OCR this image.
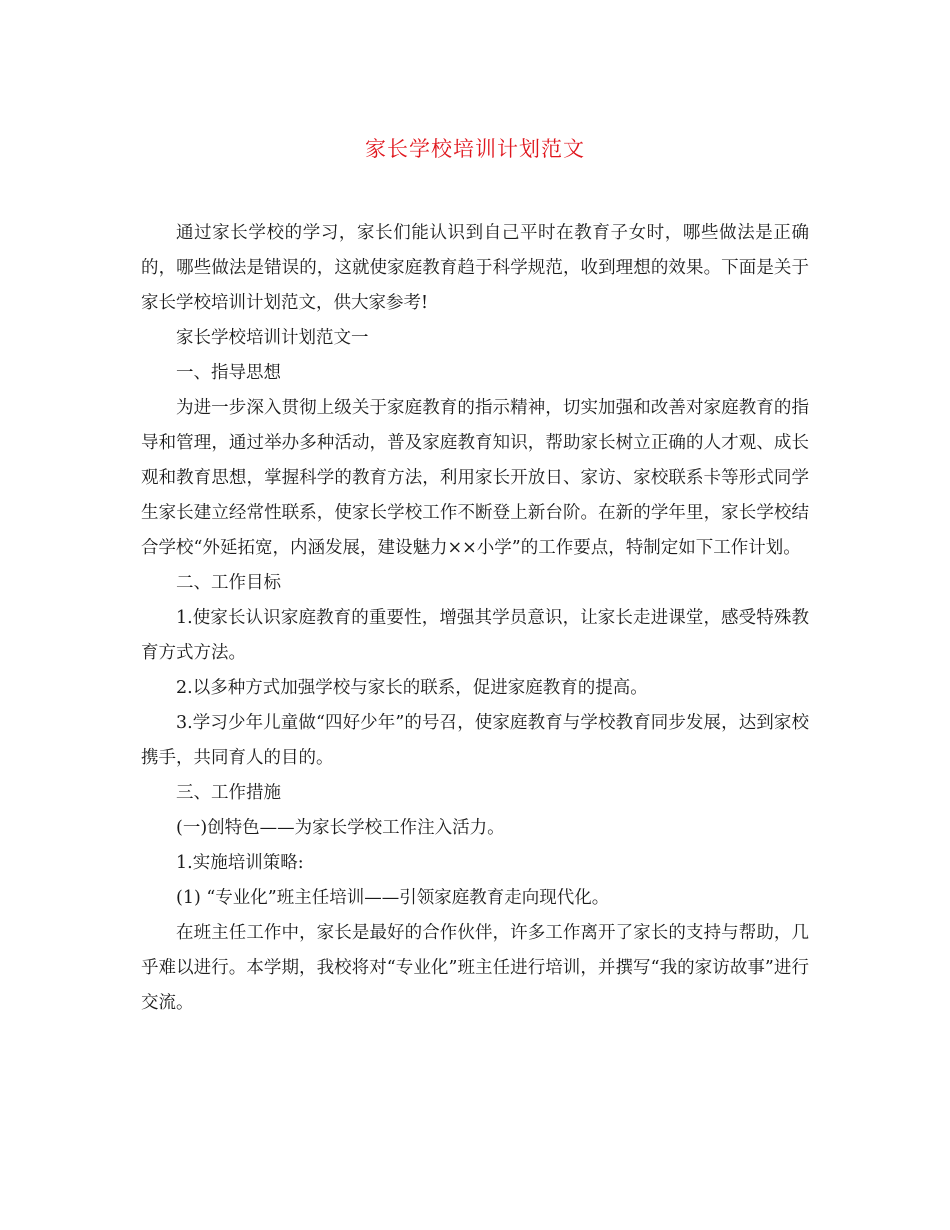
家长学校培训计划范文

通过家长学校的学习，家长们能认识到自己平时在教育子女时，哪些做法是正确的，哪些做法是错误的，这就使家庭教育趋于科学规范，收到理想的效果。下面是关于家长学校培训计划范文，供大家参考!

家长学校培训计划范文一

一、指导思想

为进一步深入贯彻上级关于家庭教育的指示精神，切实加强和改善对家庭教育的指导和管理，通过举办多种活动，普及家庭教育知识，帮助家长树立正确的人才观、成长观和教育思想，掌握科学的教育方法，利用家长开放日、家访、家校联系卡等形式同学生家长建立经常性联系，使家长学校工作不断登上新台阶。在新的学年里，家长学校结合学校“外延拓宽，内涵发展，建设魅力××小学”的工作要点，特制定如下工作计划。

二、工作目标

1.使家长认识家庭教育的重要性，增强其学员意识，让家长走进课堂，感受特殊教育方式方法。

2.以多种方式加强学校与家长的联系，促进家庭教育的提高。

3.学习少年儿童做“四好少年”的号召，使家庭教育与学校教育同步发展，达到家校携手，共同育人的目的。

三、工作措施

(一)创特色——为家长学校工作注入活力。

1.实施培训策略:

(1) “专业化”班主任培训——引领家庭教育走向现代化。

在班主任工作中，家长是最好的合作伙伴，许多工作离开了家长的支持与帮助，几乎难以进行。本学期，我校将对“专业化”班主任进行培训，并撰写“我的家访故事”进行交流。
